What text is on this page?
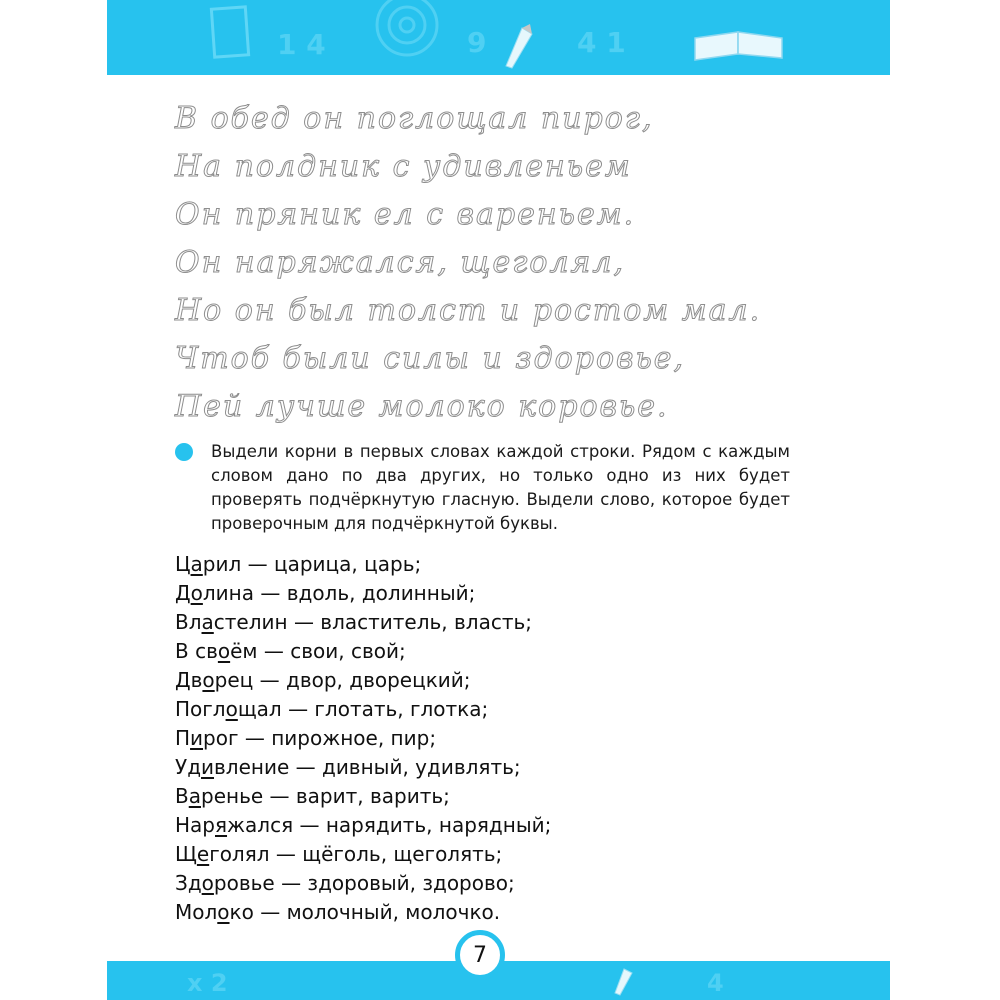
1 4	9	4 1
В обед он поглощал пирог,
На полдник с удивленьем
Он пряник ел с вареньем.
Он наряжался, щеголял,
Но он был толст и ростом мал.
Чтоб были силы и здоровье,
Пей лучше молоко коровье.
Выдели корни в первых словах каждой строки. Рядом с каждым словом дано по два других, но только одно из них будет проверять подчёркнутую гласную. Выдели слово, которое будет проверочным для подчёркнутой буквы.
Царил — царица, царь;
Долина — вдоль, долинный;
Властелин — властитель, власть;
В своём — свои, свой;
Дворец — двор, дворецкий;
Поглощал — глотать, глотка;
Пирог — пирожное, пир;
Удивление — дивный, удивлять;
Варенье — варит, варить;
Наряжался — нарядить, нарядный;
Щеголял — щёголь, щеголять;
Здоровье — здоровый, здорово;
Молоко — молочный, молочко.
x 2	4
7
